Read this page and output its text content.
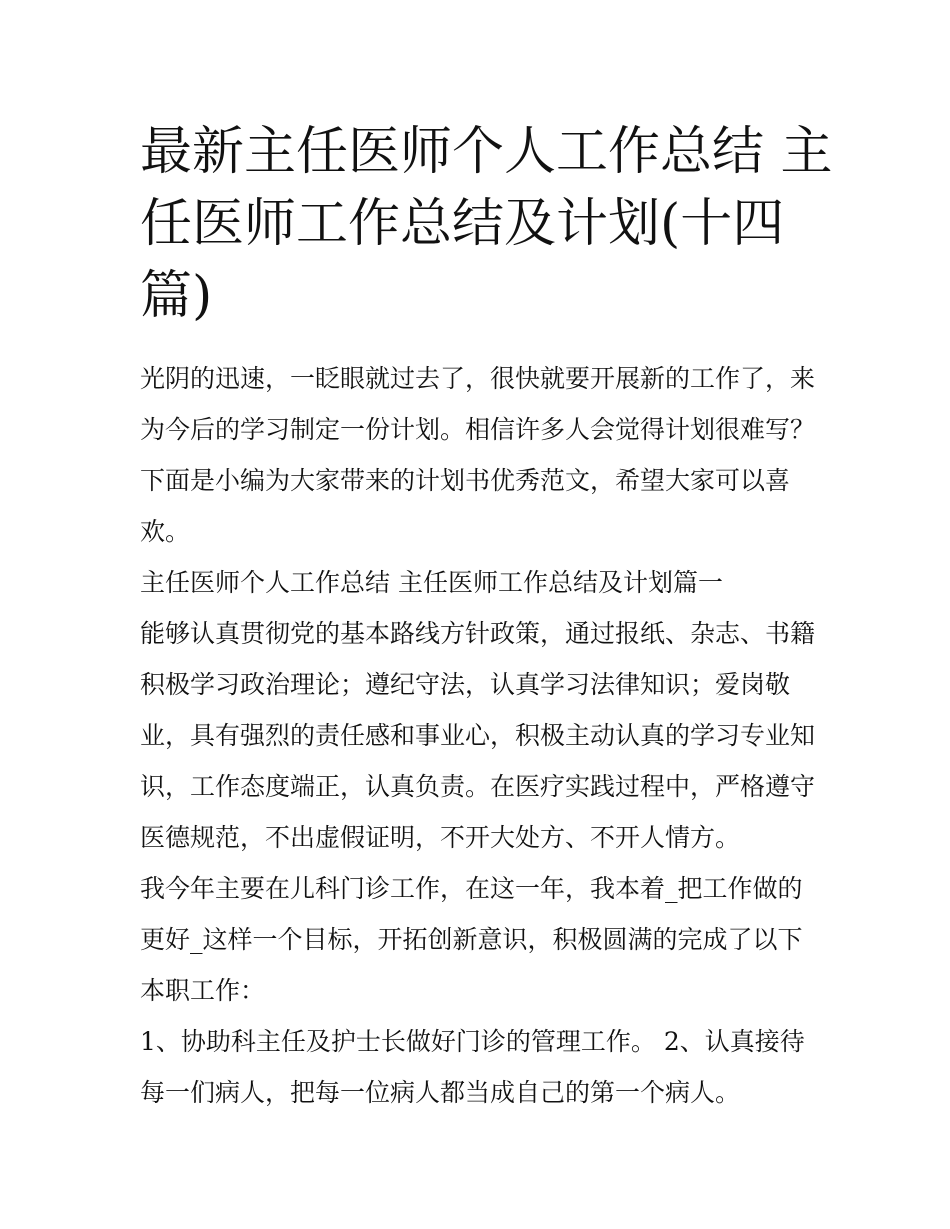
最新主任医师个人工作总结 主
任医师工作总结及计划(十四
篇)
光阴的迅速，一眨眼就过去了，很快就要开展新的工作了，来
为今后的学习制定一份计划。相信许多人会觉得计划很难写？
下面是小编为大家带来的计划书优秀范文，希望大家可以喜
欢。
主任医师个人工作总结 主任医师工作总结及计划篇一
能够认真贯彻党的基本路线方针政策，通过报纸、杂志、书籍
积极学习政治理论；遵纪守法，认真学习法律知识；爱岗敬
业，具有强烈的责任感和事业心，积极主动认真的学习专业知
识，工作态度端正，认真负责。在医疗实践过程中，严格遵守
医德规范，不出虚假证明，不开大处方、不开人情方。
我今年主要在儿科门诊工作，在这一年，我本着_把工作做的
更好_这样一个目标，开拓创新意识，积极圆满的完成了以下
本职工作：
1、协助科主任及护士长做好门诊的管理工作。 2、认真接待
每一们病人，把每一位病人都当成自己的第一个病人。
